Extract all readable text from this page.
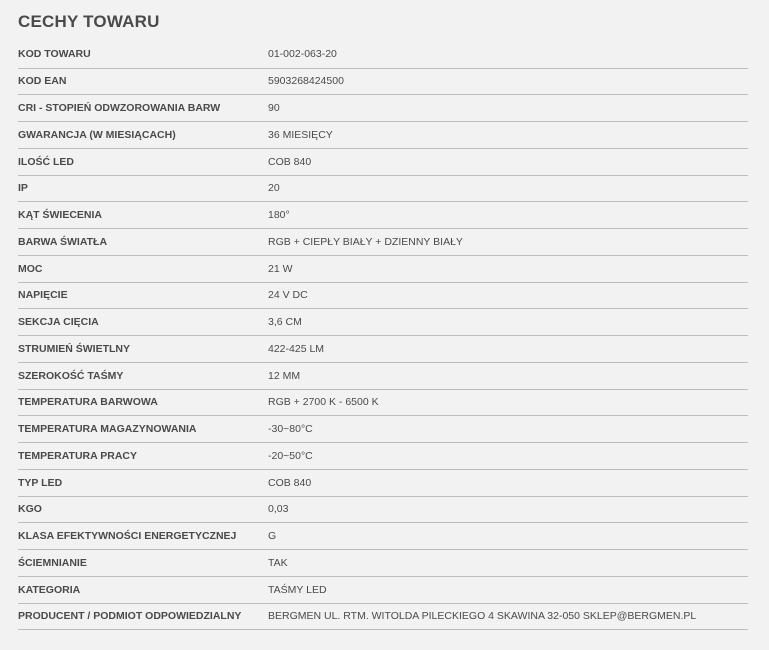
CECHY TOWARU
KOD TOWARU	01-002-063-20
KOD EAN	5903268424500
CRI - STOPIEŃ ODWZOROWANIA BARW	90
GWARANCJA (W MIESIĄCACH)	36 MIESIĘCY
ILOŚĆ LED	COB 840
IP	20
KĄT ŚWIECENIA	180°
BARWA ŚWIATŁA	RGB + CIEPŁY BIAŁY + DZIENNY BIAŁY
MOC	21 W
NAPIĘCIE	24 V DC
SEKCJA CIĘCIA	3,6 CM
STRUMIEŃ ŚWIETLNY	422-425 LM
SZEROKOŚĆ TAŚMY	12 MM
TEMPERATURA BARWOWA	RGB + 2700 K - 6500 K
TEMPERATURA MAGAZYNOWANIA	-30~80°C
TEMPERATURA PRACY	-20~50°C
TYP LED	COB 840
KGO	0,03
KLASA EFEKTYWNOŚCI ENERGETYCZNEJ	G
ŚCIEMNIANIE	TAK
KATEGORIA	TAŚMY LED
PRODUCENT / PODMIOT ODPOWIEDZIALNY	BERGMEN UL. RTM. WITOLDA PILECKIEGO 4 SKAWINA 32-050 SKLEP@BERGMEN.PL
